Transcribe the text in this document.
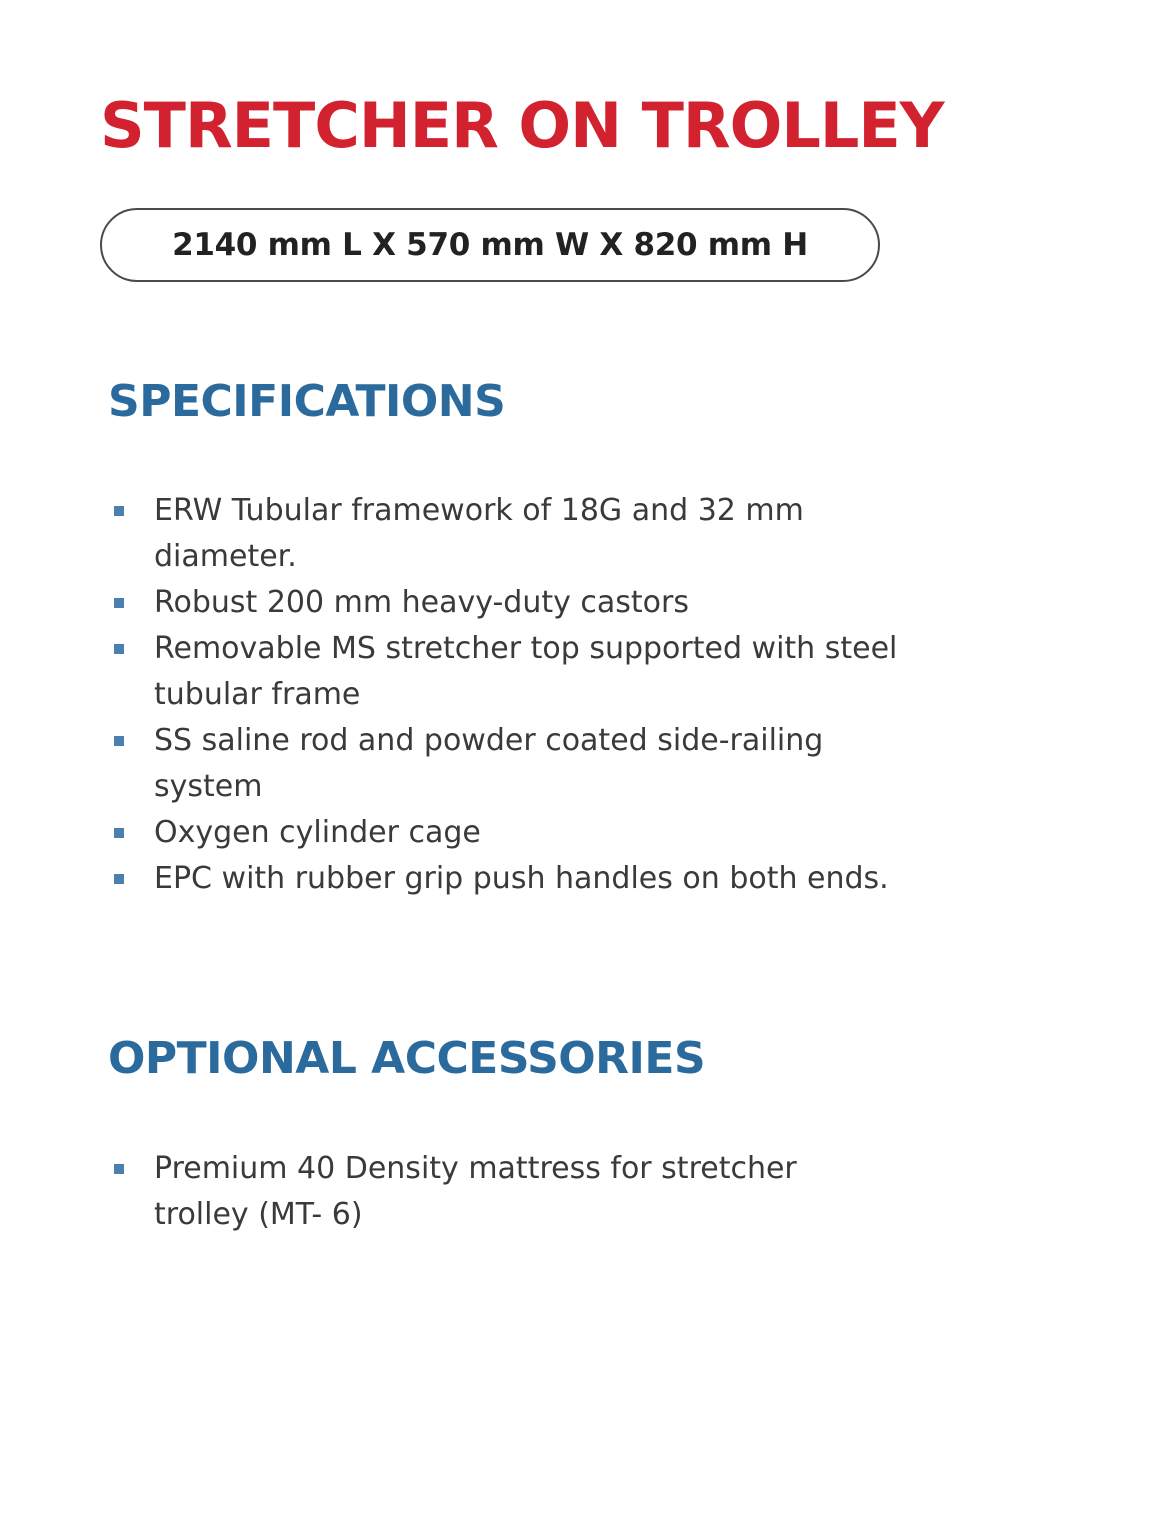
STRETCHER ON TROLLEY
2140 mm L X 570 mm W X 820 mm H
SPECIFICATIONS
ERW Tubular framework of 18G and 32 mm diameter.
Robust 200 mm heavy-duty castors
Removable MS stretcher top supported with steel tubular frame
SS saline rod and powder coated side-railing system
Oxygen cylinder cage
EPC with rubber grip push handles on both ends.
OPTIONAL ACCESSORIES
Premium 40 Density mattress for stretcher trolley (MT- 6)
